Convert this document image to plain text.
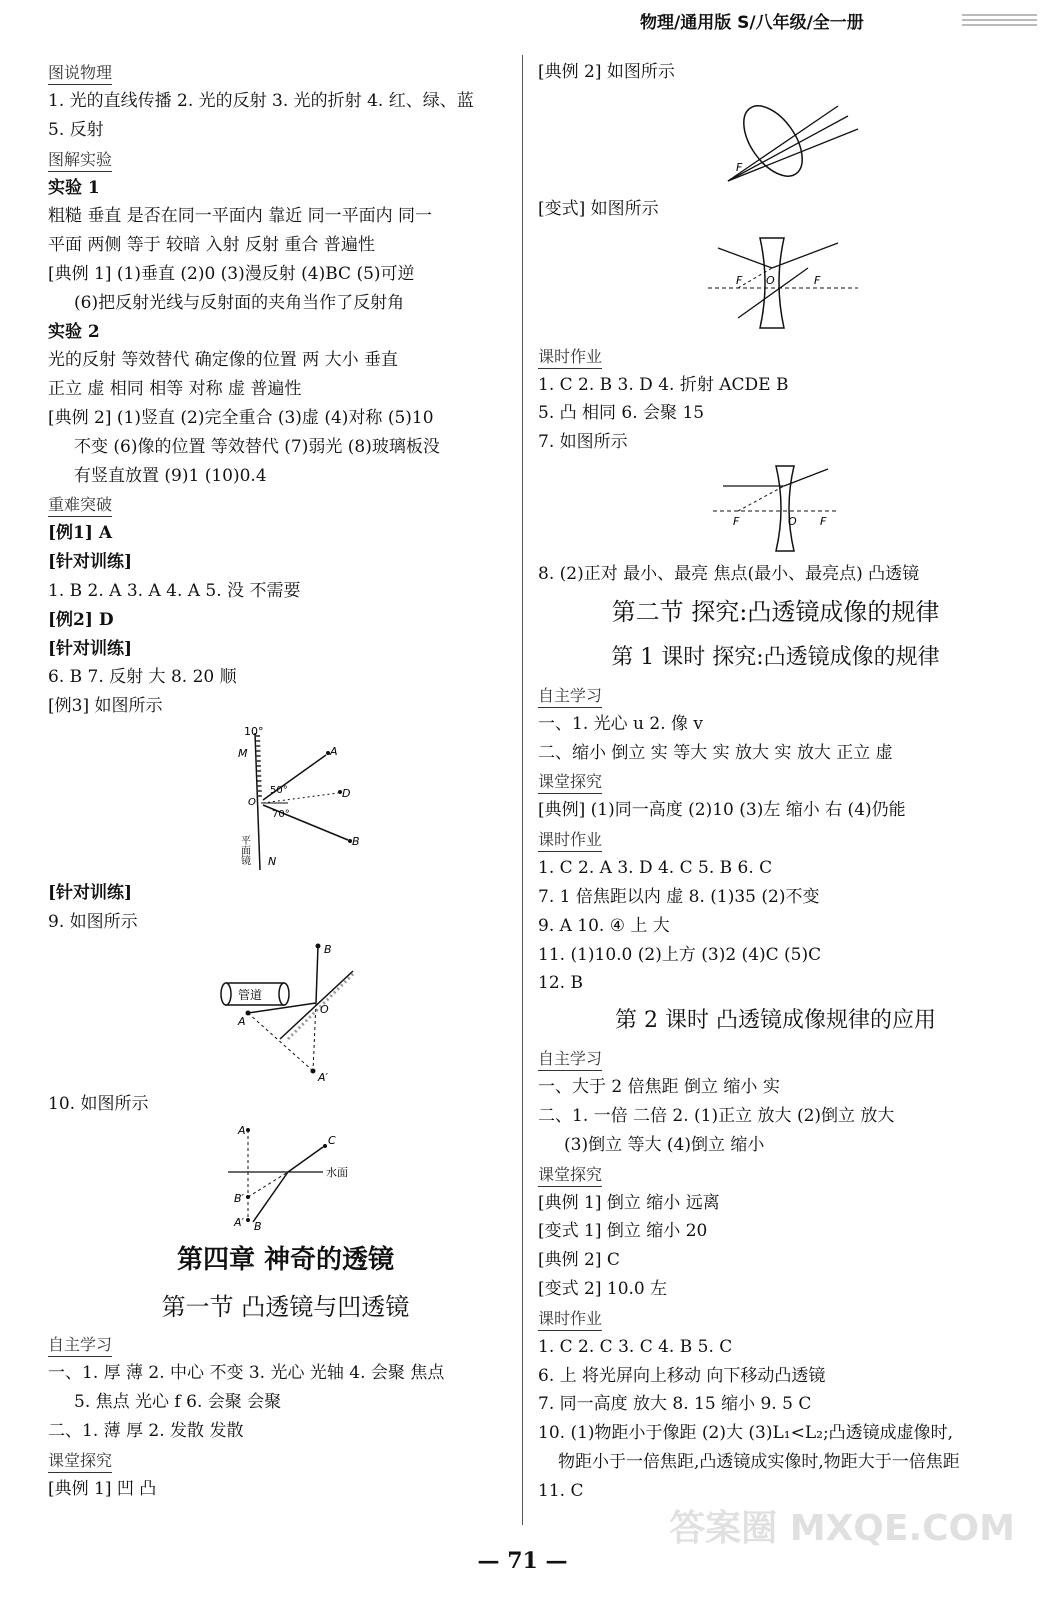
物理/通用版 S/八年级/全一册
图说物理
1. 光的直线传播 2. 光的反射 3. 光的折射 4. 红、绿、蓝
5. 反射
图解实验
实验 1
粗糙 垂直 是否在同一平面内 靠近 同一平面内 同一
平面 两侧 等于 较暗 入射 反射 重合 普遍性
[典例 1] (1)垂直 (2)0 (3)漫反射 (4)BC (5)可逆
(6)把反射光线与反射面的夹角当作了反射角
实验 2
光的反射 等效替代 确定像的位置 两 大小 垂直
正立 虚 相同 相等 对称 虚 普遍性
[典例 2] (1)竖直 (2)完全重合 (3)虚 (4)对称 (5)10
不变 (6)像的位置 等效替代 (7)弱光 (8)玻璃板没
有竖直放置 (9)1 (10)0.4
重难突破
[例1] A
[针对训练]
1. B 2. A 3. A 4. A 5. 没 不需要
[例2] D
[针对训练]
6. B 7. 反射 大 8. 20 顺
[例3] 如图所示
10°
M	A
D
B
N
50°
70°
O
平面镜
[针对训练]
9. 如图所示
管道
B
A
O
A′
10. 如图所示
A
C
水面
B′
A′ B
第四章 神奇的透镜
第一节 凸透镜与凹透镜
自主学习
一、1. 厚 薄 2. 中心 不变 3. 光心 光轴 4. 会聚 焦点
5. 焦点 光心 f 6. 会聚 会聚
二、1. 薄 厚 2. 发散 发散
课堂探究
[典例 1] 凹 凸
[典例 2] 如图所示
F
[变式] 如图所示
F O	F
课时作业
1. C 2. B 3. D 4. 折射 ACDE B
5. 凸 相同 6. 会聚 15
7. 如图所示
F	O F
8. (2)正对 最小、最亮 焦点(最小、最亮点) 凸透镜
第二节 探究:凸透镜成像的规律
第 1 课时 探究:凸透镜成像的规律
自主学习
一、1. 光心 u 2. 像 v
二、缩小 倒立 实 等大 实 放大 实 放大 正立 虚
课堂探究
[典例] (1)同一高度 (2)10 (3)左 缩小 右 (4)仍能
课时作业
1. C 2. A 3. D 4. C 5. B 6. C
7. 1 倍焦距以内 虚 8. (1)35 (2)不变
9. A 10. ④ 上 大
11. (1)10.0 (2)上方 (3)2 (4)C (5)C
12. B
第 2 课时 凸透镜成像规律的应用
自主学习
一、大于 2 倍焦距 倒立 缩小 实
二、1. 一倍 二倍 2. (1)正立 放大 (2)倒立 放大
(3)倒立 等大 (4)倒立 缩小
课堂探究
[典例 1] 倒立 缩小 远离
[变式 1] 倒立 缩小 20
[典例 2] C
[变式 2] 10.0 左
课时作业
1. C 2. C 3. C 4. B 5. C
6. 上 将光屏向上移动 向下移动凸透镜
7. 同一高度 放大 8. 15 缩小 9. 5 C
10. (1)物距小于像距 (2)大 (3)L₁<L₂;凸透镜成虚像时,
物距小于一倍焦距,凸透镜成实像时,物距大于一倍焦距
11. C
— 71 —
答案圈 MXQE.COM
